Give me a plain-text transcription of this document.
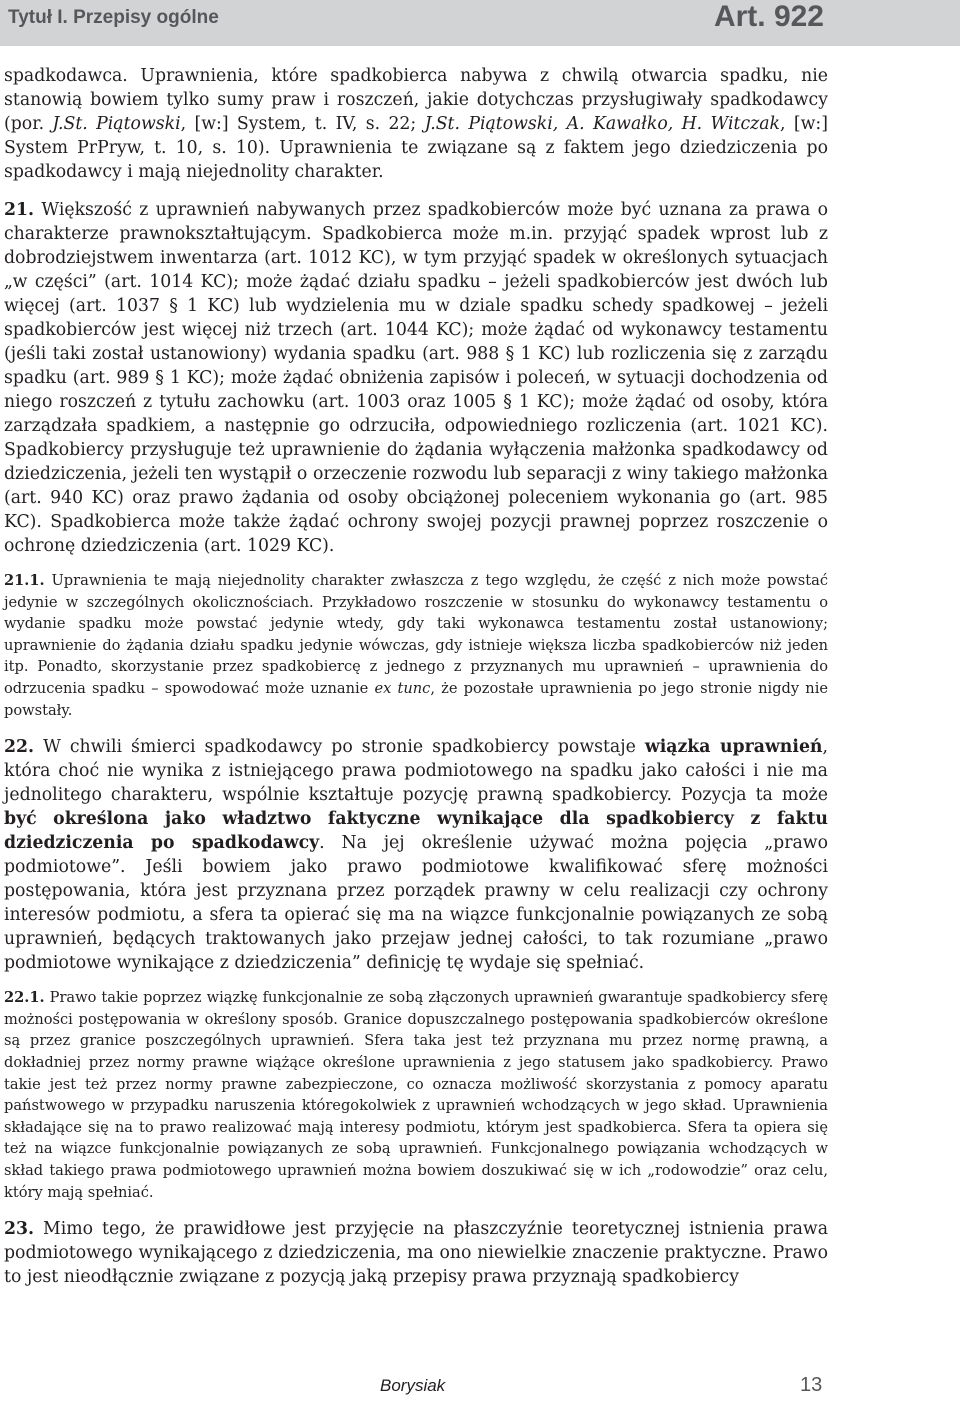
Tytuł I. Przepisy ogólne	Art. 922

spadkodawca. Uprawnienia, które spadkobierca nabywa z chwilą otwarcia spadku, nie stanowią bowiem tylko sumy praw i roszczeń, jakie dotychczas przysługiwały spadkodawcy (por. J.St. Piątowski, [w:] System, t. IV, s. 22; J.St. Piątowski, A. Kawałko, H. Witczak, [w:] System PrPryw, t. 10, s. 10). Uprawnienia te związane są z faktem jego dziedziczenia po spadkodawcy i mają niejednolity charakter.

21. Większość z uprawnień nabywanych przez spadkobierców może być uznana za prawa o charakterze prawnokształtującym. Spadkobierca może m.in. przyjąć spadek wprost lub z dobrodziejstwem inwentarza (art. 1012 KC), w tym przyjąć spadek w określonych sytuacjach „w części” (art. 1014 KC); może żądać działu spadku – jeżeli spadkobierców jest dwóch lub więcej (art. 1037 § 1 KC) lub wydzielenia mu w dziale spadku schedy spadkowej – jeżeli spadkobierców jest więcej niż trzech (art. 1044 KC); może żądać od wykonawcy testamentu (jeśli taki został ustanowiony) wydania spadku (art. 988 § 1 KC) lub rozliczenia się z zarządu spadku (art. 989 § 1 KC); może żądać obniżenia zapisów i poleceń, w sytuacji dochodzenia od niego roszczeń z tytułu zachowku (art. 1003 oraz 1005 § 1 KC); może żądać od osoby, która zarządzała spadkiem, a następnie go odrzuciła, odpowiedniego rozliczenia (art. 1021 KC). Spadkobiercy przysługuje też uprawnienie do żądania wyłączenia małżonka spadkodawcy od dziedziczenia, jeżeli ten wystąpił o orzeczenie rozwodu lub separacji z winy takiego małżonka (art. 940 KC) oraz prawo żądania od osoby obciążonej poleceniem wykonania go (art. 985 KC). Spadkobierca może także żądać ochrony swojej pozycji prawnej poprzez roszczenie o ochronę dziedziczenia (art. 1029 KC).

21.1. Uprawnienia te mają niejednolity charakter zwłaszcza z tego względu, że część z nich może powstać jedynie w szczególnych okolicznościach. Przykładowo roszczenie w stosunku do wykonawcy testamentu o wydanie spadku może powstać jedynie wtedy, gdy taki wykonawca testamentu został ustanowiony; uprawnienie do żądania działu spadku jedynie wówczas, gdy istnieje większa liczba spadkobierców niż jeden itp. Ponadto, skorzystanie przez spadkobiercę z jednego z przyznanych mu uprawnień – uprawnienia do odrzucenia spadku – spowodować może uznanie ex tunc, że pozostałe uprawnienia po jego stronie nigdy nie powstały.

22. W chwili śmierci spadkodawcy po stronie spadkobiercy powstaje wiązka uprawnień, która choć nie wynika z istniejącego prawa podmiotowego na spadku jako całości i nie ma jednolitego charakteru, wspólnie kształtuje pozycję prawną spadkobiercy. Pozycja ta może być określona jako władztwo faktyczne wynikające dla spadkobiercy z faktu dziedziczenia po spadkodawcy. Na jej określenie używać można pojęcia „prawo podmiotowe”. Jeśli bowiem jako prawo podmiotowe kwalifikować sferę możności postępowania, która jest przyznana przez porządek prawny w celu realizacji czy ochrony interesów podmiotu, a sfera ta opierać się ma na wiązce funkcjonalnie powiązanych ze sobą uprawnień, będących traktowanych jako przejaw jednej całości, to tak rozumiane „prawo podmiotowe wynikające z dziedziczenia” definicję tę wydaje się spełniać.

22.1. Prawo takie poprzez wiązkę funkcjonalnie ze sobą złączonych uprawnień gwarantuje spadkobiercy sferę możności postępowania w określony sposób. Granice dopuszczalnego postępowania spadkobierców określone są przez granice poszczególnych uprawnień. Sfera taka jest też przyznana mu przez normę prawną, a dokładniej przez normy prawne wiążące określone uprawnienia z jego statusem jako spadkobiercy. Prawo takie jest też przez normy prawne zabezpieczone, co oznacza możliwość skorzystania z pomocy aparatu państwowego w przypadku naruszenia któregokolwiek z uprawnień wchodzących w jego skład. Uprawnienia składające się na to prawo realizować mają interesy podmiotu, którym jest spadkobierca. Sfera ta opiera się też na wiązce funkcjonalnie powiązanych ze sobą uprawnień. Funkcjonalnego powiązania wchodzących w skład takiego prawa podmiotowego uprawnień można bowiem doszukiwać się w ich „rodowodzie” oraz celu, który mają spełniać.

23. Mimo tego, że prawidłowe jest przyjęcie na płaszczyźnie teoretycznej istnienia prawa podmiotowego wynikającego z dziedziczenia, ma ono niewielkie znaczenie praktyczne. Prawo to jest nieodłącznie związane z pozycją jaką przepisy prawa przyznają spadkobiercy

Borysiak	13
